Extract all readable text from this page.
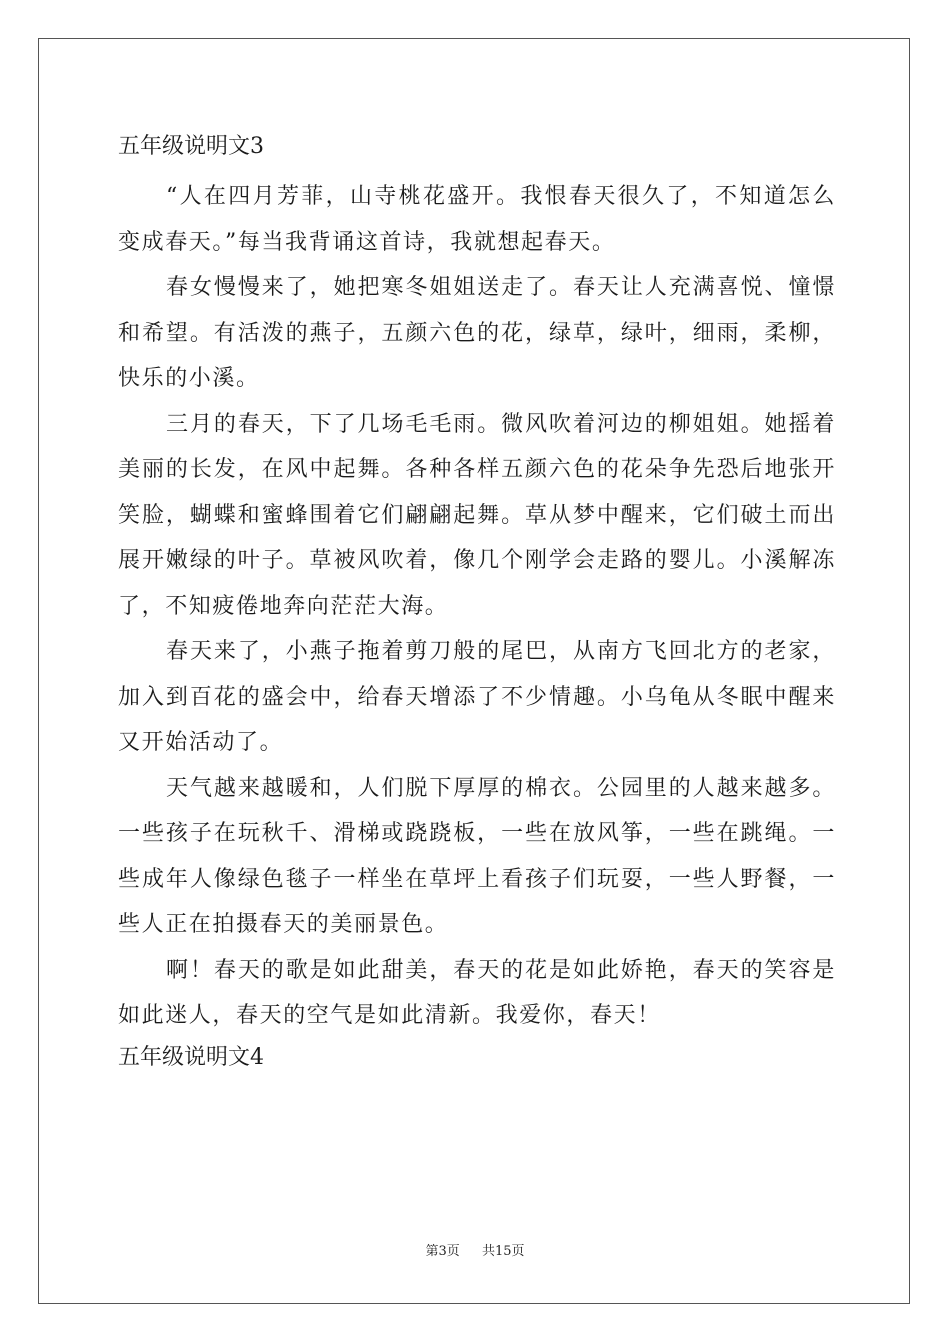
五年级说明文3

“人在四月芳菲，山寺桃花盛开。我恨春天很久了，不知道怎么变成春天。”每当我背诵这首诗，我就想起春天。

春女慢慢来了，她把寒冬姐姐送走了。春天让人充满喜悦、憧憬和希望。有活泼的燕子，五颜六色的花，绿草，绿叶，细雨，柔柳，快乐的小溪。

三月的春天，下了几场毛毛雨。微风吹着河边的柳姐姐。她摇着美丽的长发，在风中起舞。各种各样五颜六色的花朵争先恐后地张开笑脸，蝴蝶和蜜蜂围着它们翩翩起舞。草从梦中醒来，它们破土而出展开嫩绿的叶子。草被风吹着，像几个刚学会走路的婴儿。小溪解冻了，不知疲倦地奔向茫茫大海。

春天来了，小燕子拖着剪刀般的尾巴，从南方飞回北方的老家，加入到百花的盛会中，给春天增添了不少情趣。小乌龟从冬眠中醒来又开始活动了。

天气越来越暖和，人们脱下厚厚的棉衣。公园里的人越来越多。一些孩子在玩秋千、滑梯或跷跷板，一些在放风筝，一些在跳绳。一些成年人像绿色毯子一样坐在草坪上看孩子们玩耍，一些人野餐，一些人正在拍摄春天的美丽景色。

啊！春天的歌是如此甜美，春天的花是如此娇艳，春天的笑容是如此迷人，春天的空气是如此清新。我爱你，春天！

五年级说明文4
第3页 共15页
